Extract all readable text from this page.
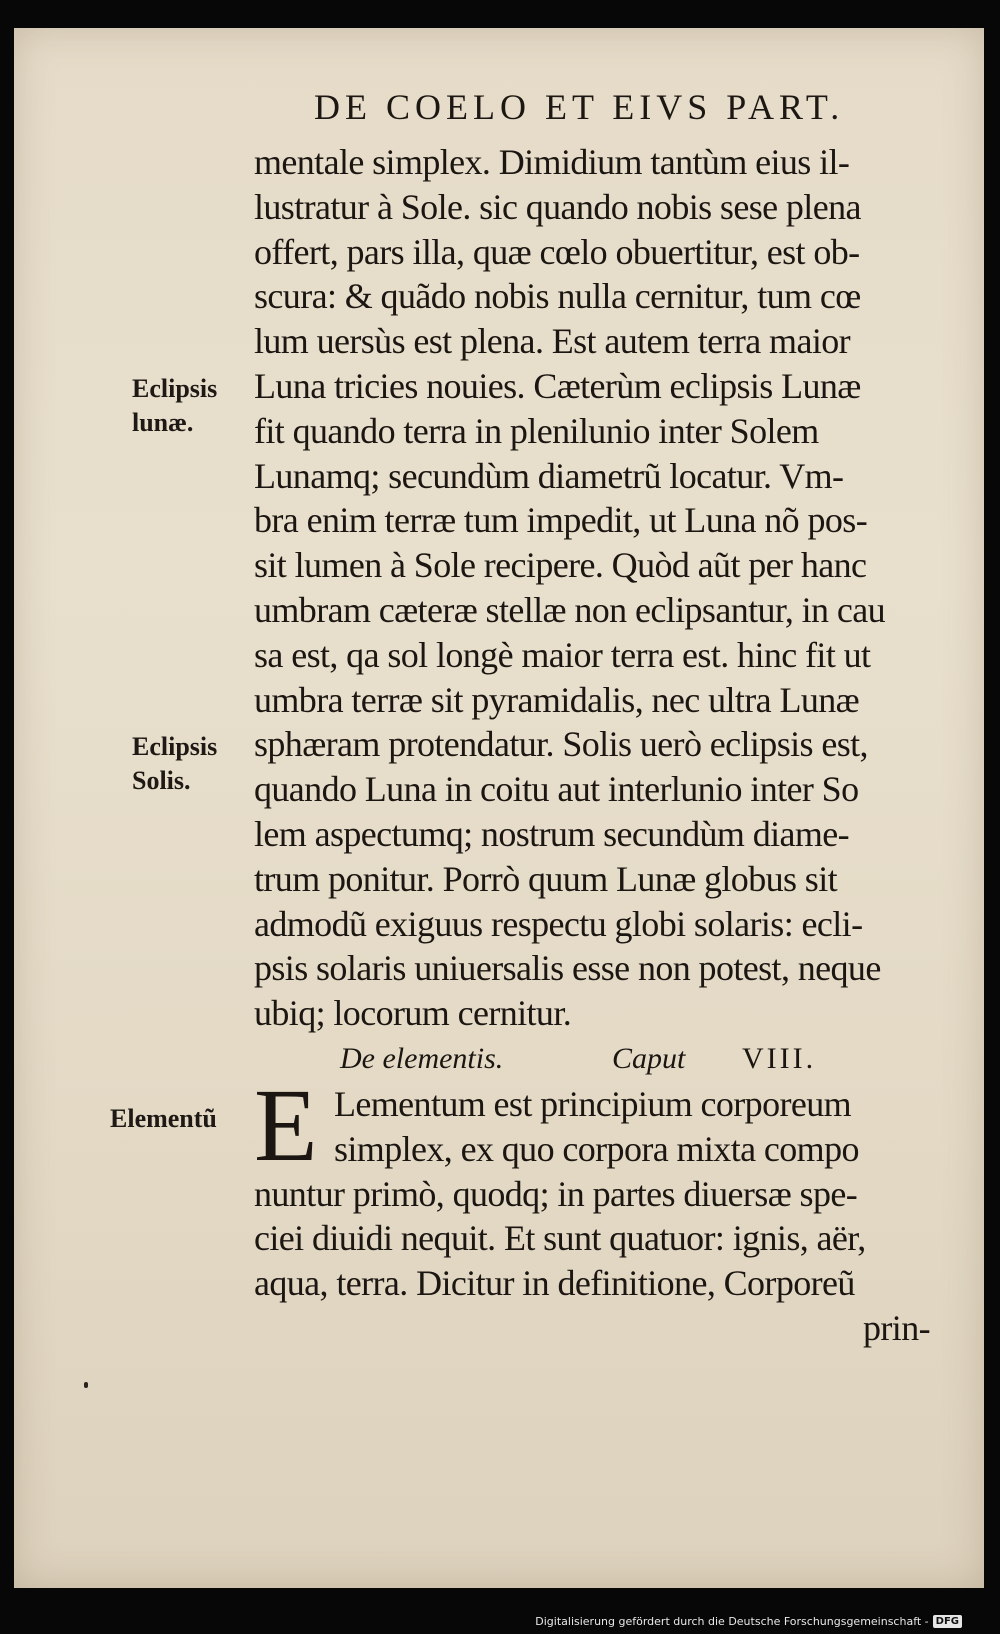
DE COELO ET EIVS PART.
Eclipsis
lunæ.
Eclipsis
Solis.
Elementũ
mentale simplex. Dimidium tantùm eius il-
lustratur à Sole. sic quando nobis sese plena
offert, pars illa, quæ cœlo obuertitur, est ob-
scura: & quãdo nobis nulla cernitur, tum cœ
lum uersùs est plena. Est autem terra maior
Luna tricies nouies. Cæterùm eclipsis Lunæ
fit quando terra in plenilunio inter Solem
Lunamq; secundùm diametrũ locatur. Vm-
bra enim terræ tum impedit, ut Luna nõ pos-
sit lumen à Sole recipere. Quòd aũt per hanc
umbram cæteræ stellæ non eclipsantur, in cau
sa est, qa sol longè maior terra est. hinc fit ut
umbra terræ sit pyramidalis, nec ultra Lunæ
sphæram protendatur. Solis uerò eclipsis est,
quando Luna in coitu aut interlunio inter So
lem aspectumq; nostrum secundùm diame-
trum ponitur. Porrò quum Lunæ globus sit
admodũ exiguus respectu globi solaris: ecli-
psis solaris uniuersalis esse non potest, neque
ubiq; locorum cernitur.
De elementis.	Caput VIII.
E Lementum est principium corporeum
simplex, ex quo corpora mixta compo
nuntur primò, quodq; in partes diuersæ spe-
ciei diuidi nequit. Et sunt quatuor: ignis, aër,
aqua, terra. Dicitur in definitione, Corporeũ
prin-
Digitalisierung gefördert durch die Deutsche Forschungsgemeinschaft - DFG
